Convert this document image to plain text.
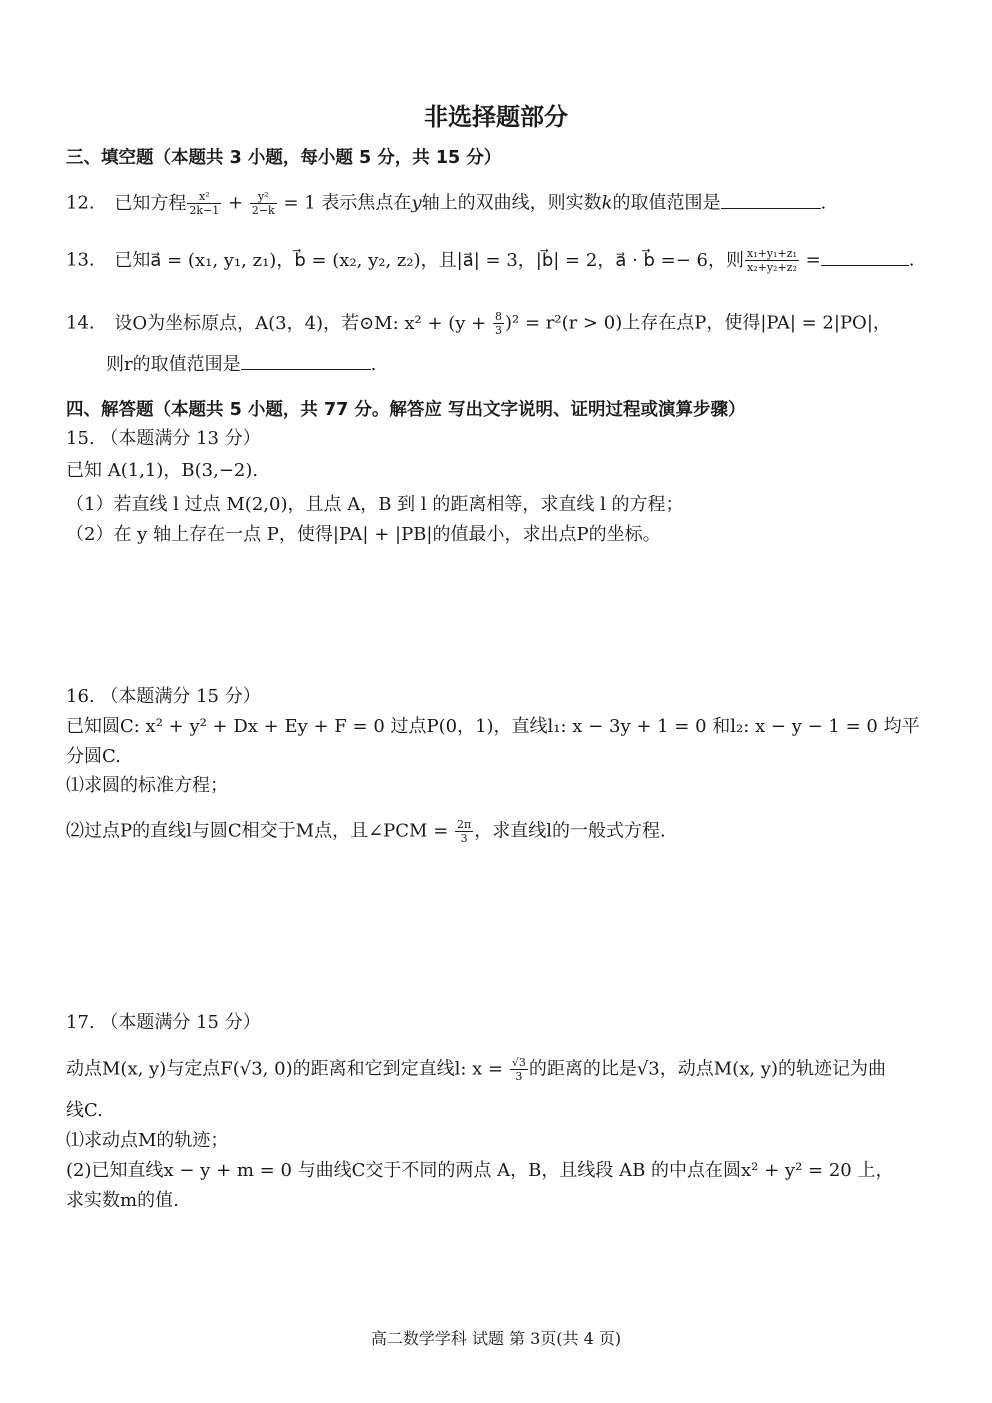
非选择题部分
三、填空题（本题共 3 小题，每小题 5 分，共 15 分）
12. 已知方程 $\frac{\text{x²}}{2k-1} + \frac{\text{y²}}{2-k} = 1$ 表示焦点在y轴上的双曲线，则实数k的取值范围是	.
13. 已知a⃗ = (x₁, y₁, z₁)，b⃗ = (x₂, y₂, z₂)，且|a⃗| = 3，|b⃗| = 2，a⃗ · b⃗ =− 6，则 $\frac{\text{x₁+y₁+z₁}}{\text{x₂+y₂+z₂}}$ =	.
14. 设O为坐标原点，A(3，4)，若⊙M: $x^2 + (y + \frac{8}{3} )^2 = r^2(r > 0)$上存在点P，使得|PA| = 2|PO|，
则r的取值范围是	.
四、解答题（本题共 5 小题，共 77 分。解答应 写出文字说明、证明过程或演算步骤）
15. （本题满分 13 分）
已知 A(1,1)，B(3,−2).
（1）若直线 l 过点 M(2,0)，且点 A，B 到 l 的距离相等，求直线 l 的方程；
（2）在 y 轴上存在一点 P，使得|PA| + |PB|的值最小，求出点P的坐标。
16. （本题满分 15 分）
已知圆C: x² + y² + Dx + Ey + F = 0 过点P(0，1)，直线l₁: x − 3y + 1 = 0 和l₂: x − y − 1 = 0 均平
分圆C.
⑴求圆的标准方程；
⑵过点P的直线l与圆C相交于M点，且∠PCM = $\frac{2\pi}{3}$ ，求直线l的一般式方程.
17. （本题满分 15 分）
动点M(x, y)与定点F(√3, 0)的距离和它到定直线l: $x = \frac{√3}{3}$ 的距离的比是√3，动点M(x, y)的轨迹记为曲
线C.
⑴求动点M的轨迹；
(2)已知直线x − y + m = 0 与曲线C交于不同的两点 A，B，且线段 AB 的中点在圆x² + y² = 20 上，
求实数m的值.
高二数学学科 试题 第 3页(共 4 页)
